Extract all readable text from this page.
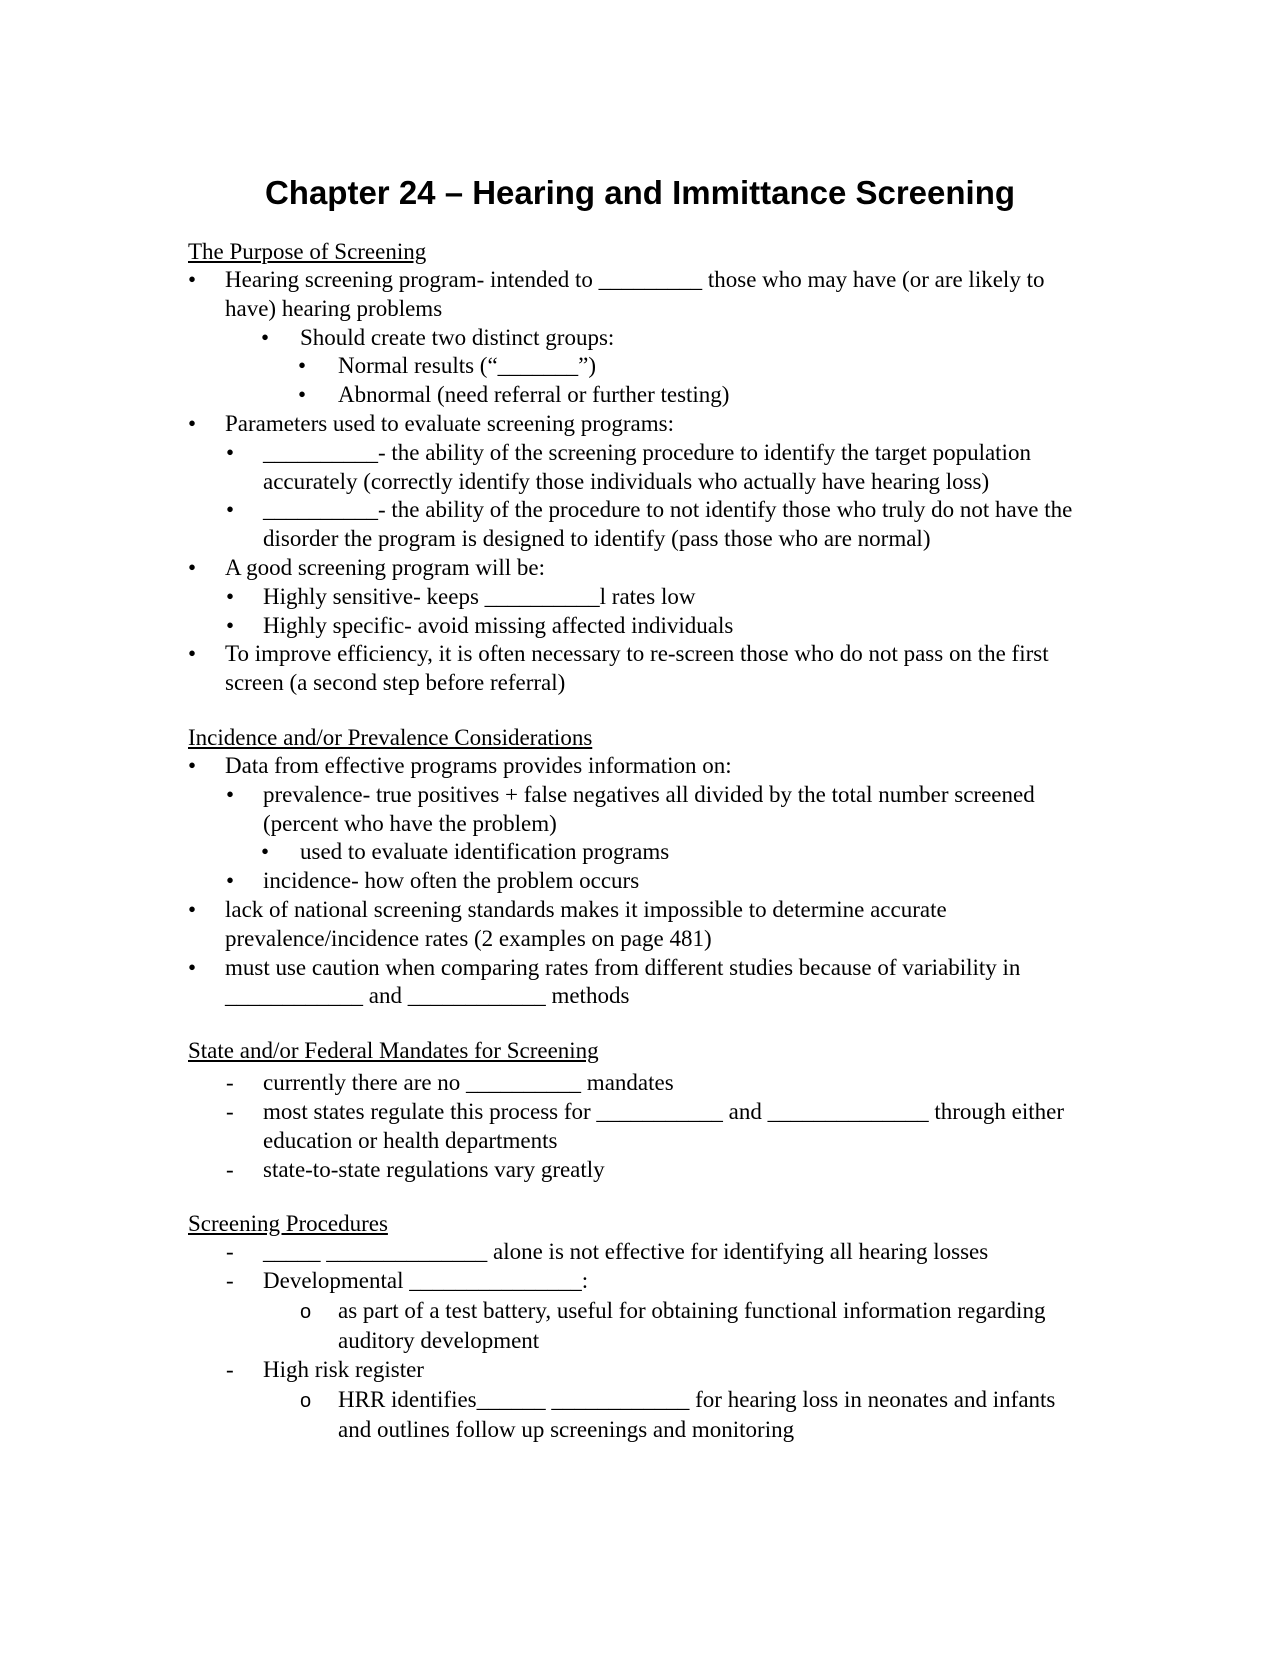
Chapter 24 – Hearing and Immittance Screening

The Purpose of Screening

• Hearing screening program- intended to _________ those who may have (or are likely to have) hearing problems
• Should create two distinct groups:
• Normal results (“_______”)
• Abnormal (need referral or further testing)
• Parameters used to evaluate screening programs:
• __________- the ability of the screening procedure to identify the target population accurately (correctly identify those individuals who actually have hearing loss)
• __________- the ability of the procedure to not identify those who truly do not have the disorder the program is designed to identify (pass those who are normal)
• A good screening program will be:
• Highly sensitive- keeps __________l rates low
• Highly specific- avoid missing affected individuals
• To improve efficiency, it is often necessary to re-screen those who do not pass on the first screen (a second step before referral)

Incidence and/or Prevalence Considerations

• Data from effective programs provides information on:
• prevalence- true positives + false negatives all divided by the total number screened (percent who have the problem)
• used to evaluate identification programs
• incidence- how often the problem occurs
• lack of national screening standards makes it impossible to determine accurate prevalence/incidence rates (2 examples on page 481)
• must use caution when comparing rates from different studies because of variability in ____________ and ____________ methods

State and/or Federal Mandates for Screening

- currently there are no __________ mandates
- most states regulate this process for ___________ and ______________ through either education or health departments
- state-to-state regulations vary greatly

Screening Procedures

- _____ ______________ alone is not effective for identifying all hearing losses
- Developmental _______________:
o as part of a test battery, useful for obtaining functional information regarding auditory development
- High risk register
o HRR identifies______ ____________ for hearing loss in neonates and infants and outlines follow up screenings and monitoring
